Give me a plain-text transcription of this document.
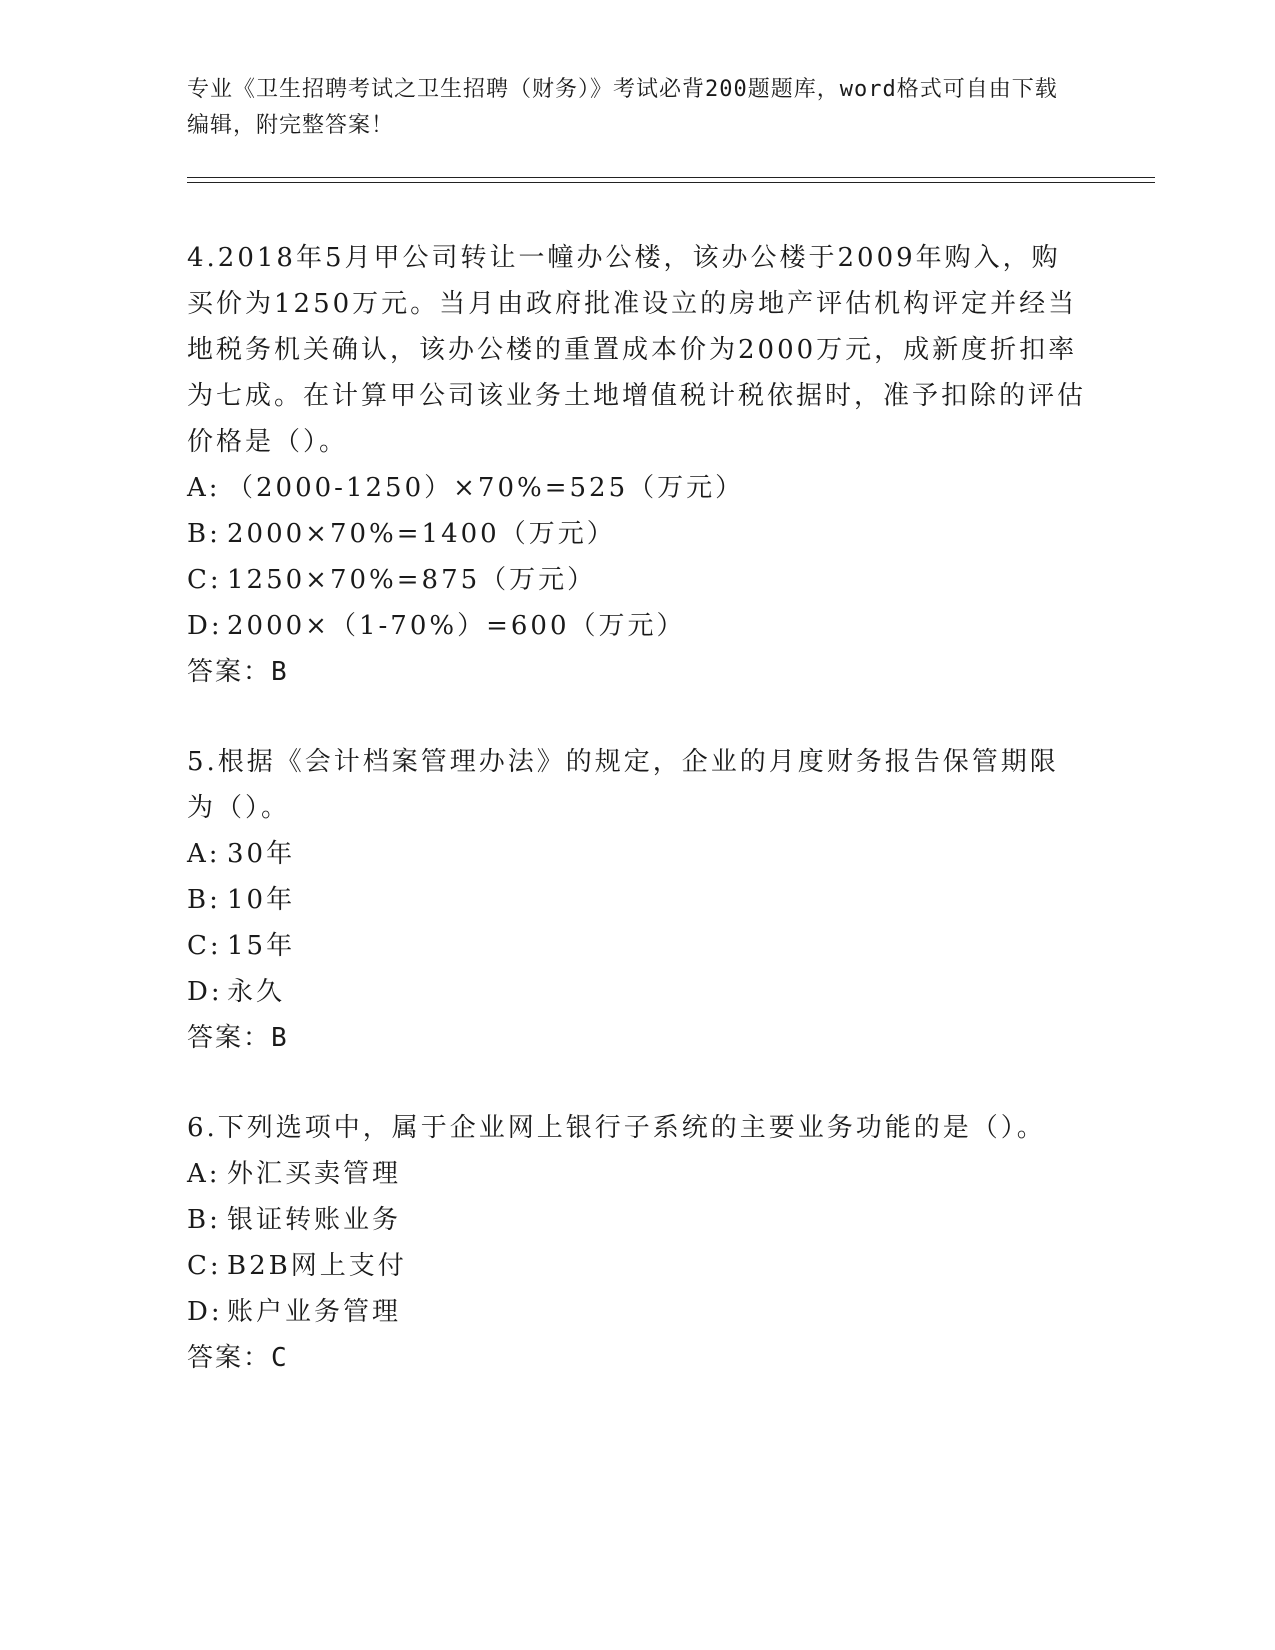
专业《卫生招聘考试之卫生招聘（财务）》考试必背200题题库，word格式可自由下载编辑，附完整答案！
4.2018年5月甲公司转让一幢办公楼，该办公楼于2009年购入，购买价为1250万元。当月由政府批准设立的房地产评估机构评定并经当地税务机关确认，该办公楼的重置成本价为2000万元，成新度折扣率为七成。在计算甲公司该业务土地增值税计税依据时，准予扣除的评估价格是（）。
A: （2000-1250）×70%=525（万元）
B: 2000×70%=1400（万元）
C: 1250×70%=875（万元）
D: 2000×（1-70%）=600（万元）
答案：B
5.根据《会计档案管理办法》的规定，企业的月度财务报告保管期限为（）。
A: 30年
B: 10年
C: 15年
D: 永久
答案：B
6.下列选项中，属于企业网上银行子系统的主要业务功能的是（）。
A: 外汇买卖管理
B: 银证转账业务
C: B2B网上支付
D: 账户业务管理
答案：C
